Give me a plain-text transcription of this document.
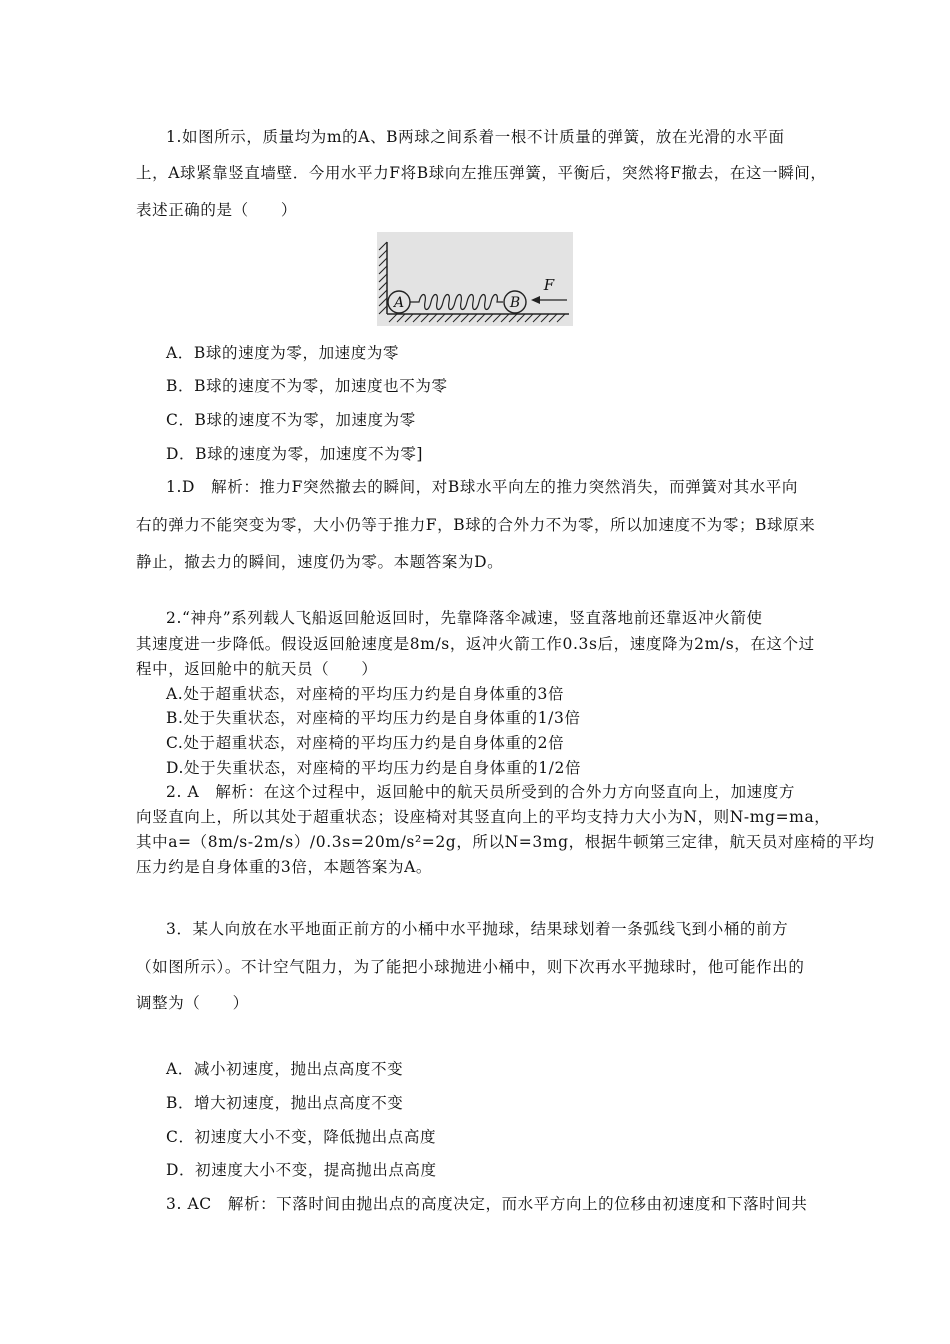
1.如图所示，质量均为m的A、B两球之间系着一根不计质量的弹簧，放在光滑的水平面
上，A球紧靠竖直墙壁．今用水平力F将B球向左推压弹簧，平衡后，突然将F撤去，在这一瞬间，
表述正确的是（　　）
A	B
F
A．B球的速度为零，加速度为零
B．B球的速度不为零，加速度也不为零
C．B球的速度不为零，加速度为零
D．B球的速度为零，加速度不为零]
1.D　解析：推力F突然撤去的瞬间，对B球水平向左的推力突然消失，而弹簧对其水平向
右的弹力不能突变为零，大小仍等于推力F，B球的合外力不为零，所以加速度不为零；B球原来
静止，撤去力的瞬间，速度仍为零。本题答案为D。
2.“神舟”系列载人飞船返回舱返回时，先靠降落伞减速，竖直落地前还靠返冲火箭使
其速度进一步降低。假设返回舱速度是8m/s，返冲火箭工作0.3s后，速度降为2m/s，在这个过
程中，返回舱中的航天员（　　）
A.处于超重状态，对座椅的平均压力约是自身体重的3倍
B.处于失重状态，对座椅的平均压力约是自身体重的1/3倍
C.处于超重状态，对座椅的平均压力约是自身体重的2倍
D.处于失重状态，对座椅的平均压力约是自身体重的1/2倍
2. A　解析：在这个过程中，返回舱中的航天员所受到的合外力方向竖直向上，加速度方
向竖直向上，所以其处于超重状态；设座椅对其竖直向上的平均支持力大小为N，则N-mg=ma，
其中a=（8m/s-2m/s）/0.3s=20m/s²=2g，所以N=3mg，根据牛顿第三定律，航天员对座椅的平均
压力约是自身体重的3倍，本题答案为A。
3．某人向放在水平地面正前方的小桶中水平抛球，结果球划着一条弧线飞到小桶的前方
（如图所示）。不计空气阻力，为了能把小球抛进小桶中，则下次再水平抛球时，他可能作出的
调整为（　　）
A．减小初速度，抛出点高度不变
B．增大初速度，抛出点高度不变
C．初速度大小不变，降低抛出点高度
D．初速度大小不变，提高抛出点高度
3. AC　解析：下落时间由抛出点的高度决定，而水平方向上的位移由初速度和下落时间共
